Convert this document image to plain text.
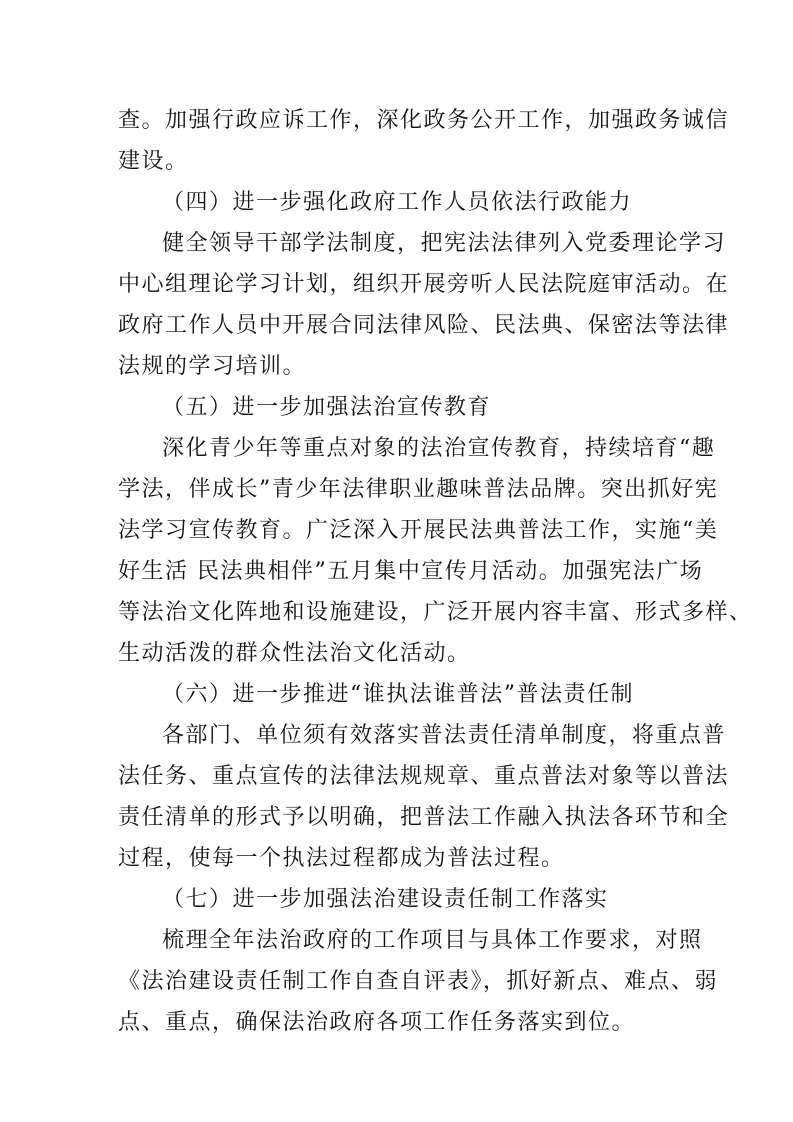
查。加强行政应诉工作，深化政务公开工作，加强政务诚信
建设。
（四）进一步强化政府工作人员依法行政能力
健全领导干部学法制度，把宪法法律列入党委理论学习
中心组理论学习计划，组织开展旁听人民法院庭审活动。在
政府工作人员中开展合同法律风险、民法典、保密法等法律
法规的学习培训。
（五）进一步加强法治宣传教育
深化青少年等重点对象的法治宣传教育，持续培育“趣
学法，伴成长”青少年法律职业趣味普法品牌。突出抓好宪
法学习宣传教育。广泛深入开展民法典普法工作，实施“美
好生活 民法典相伴”五月集中宣传月活动。加强宪法广场
等法治文化阵地和设施建设，广泛开展内容丰富、形式多样、
生动活泼的群众性法治文化活动。
（六）进一步推进“谁执法谁普法”普法责任制
各部门、单位须有效落实普法责任清单制度，将重点普
法任务、重点宣传的法律法规规章、重点普法对象等以普法
责任清单的形式予以明确，把普法工作融入执法各环节和全
过程，使每一个执法过程都成为普法过程。
（七）进一步加强法治建设责任制工作落实
梳理全年法治政府的工作项目与具体工作要求，对照
《法治建设责任制工作自查自评表》，抓好新点、难点、弱
点、重点，确保法治政府各项工作任务落实到位。
